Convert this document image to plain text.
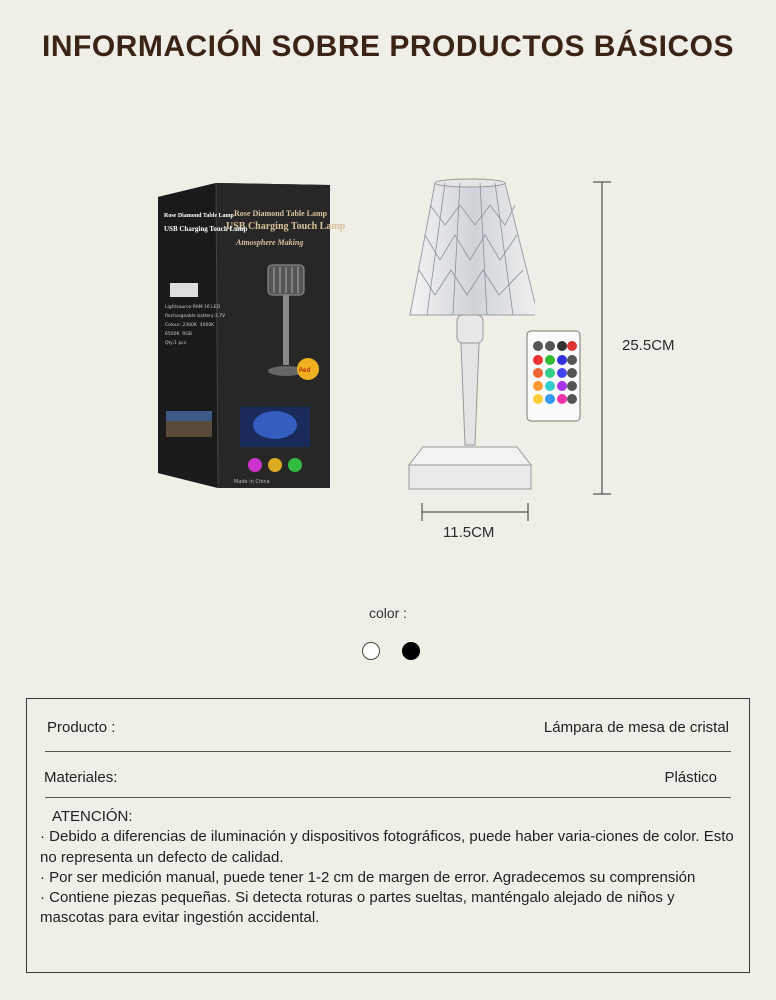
INFORMACIÓN SOBRE PRODUCTOS BÁSICOS
Red
Rose Diamond Table Lamp
USB Charging Touch Lamp
Atmosphere Making
Rose Diamond Table Lamp
USB Charging Touch Lamp
Lightsource:RAM 16 LED
Rechargeable battery:3.7V
Colour: 2300K  4000K
6500K  RGB
Qty:1 pcs
Made in China
25.5CM
11.5CM
color :
Producto :	Lámpara de mesa de cristal
Materiales:	Plástico

ATENCIÓN:

· Debido a diferencias de iluminación y dispositivos fotográficos, puede haber varia-ciones de color. Esto no representa un defecto de calidad.

· Por ser medición manual, puede tener 1-2 cm de margen de error. Agradecemos su comprensión

· Contiene piezas pequeñas. Si detecta roturas o partes sueltas, manténgalo alejado de niños y mascotas para evitar ingestión accidental.
